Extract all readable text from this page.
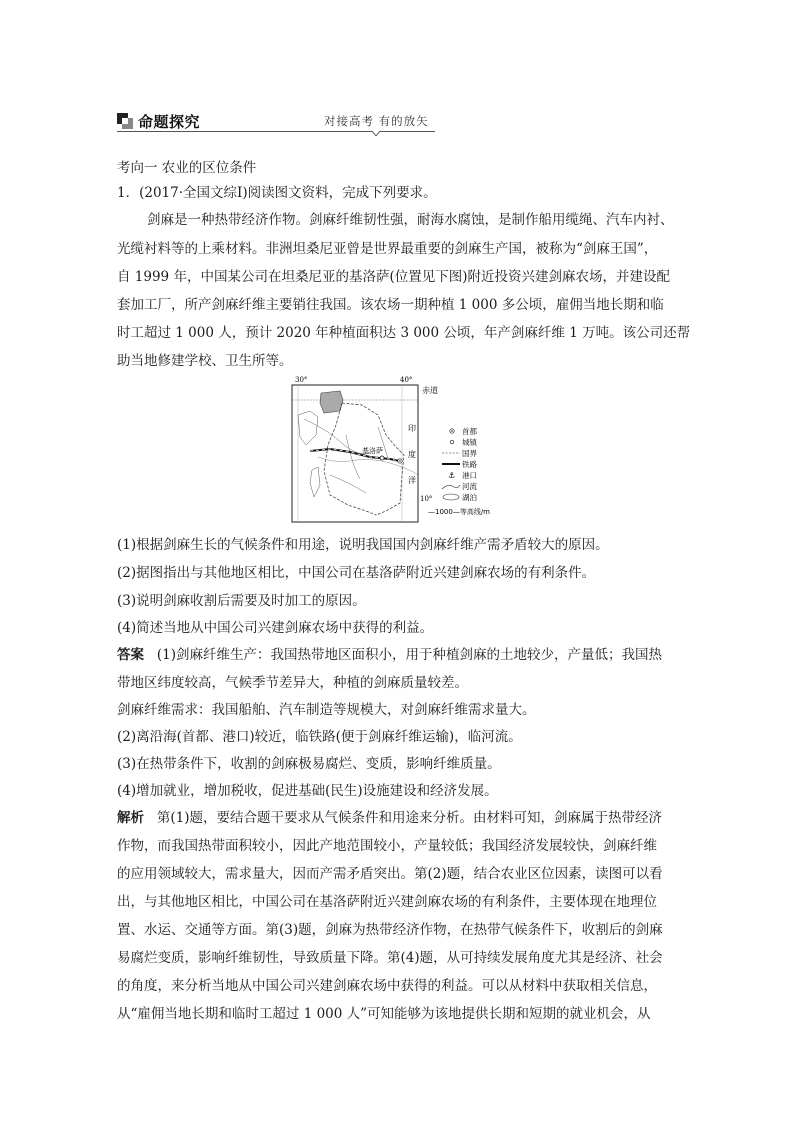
命题探究	对接高考 有的放矢
考向一 农业的区位条件
1．(2017·全国文综Ⅰ)阅读图文资料，完成下列要求。
剑麻是一种热带经济作物。剑麻纤维韧性强，耐海水腐蚀，是制作船用缆绳、汽车内衬、
光缆衬料等的上乘材料。非洲坦桑尼亚曾是世界最重要的剑麻生产国，被称为“剑麻王国”，
自 1999 年，中国某公司在坦桑尼亚的基洛萨(位置见下图)附近投资兴建剑麻农场，并建设配
套加工厂，所产剑麻纤维主要销往我国。该农场一期种植 1 000 多公顷，雇佣当地长期和临
时工超过 1 000 人，预计 2020 年种植面积达 3 000 公顷，年产剑麻纤维 1 万吨。该公司还帮
助当地修建学校、卫生所等。
30°	40°
赤道
基洛萨
印
度
洋
10°
首都
城镇
国界
铁路
⚓ 港口
河流
湖泊
—1000—等高线/m
(1)根据剑麻生长的气候条件和用途，说明我国国内剑麻纤维产需矛盾较大的原因。
(2)据图指出与其他地区相比，中国公司在基洛萨附近兴建剑麻农场的有利条件。
(3)说明剑麻收割后需要及时加工的原因。
(4)简述当地从中国公司兴建剑麻农场中获得的利益。
答案 (1)剑麻纤维生产：我国热带地区面积小，用于种植剑麻的土地较少，产量低；我国热
带地区纬度较高，气候季节差异大，种植的剑麻质量较差。
剑麻纤维需求：我国船舶、汽车制造等规模大，对剑麻纤维需求量大。
(2)离沿海(首都、港口)较近，临铁路(便于剑麻纤维运输)，临河流。
(3)在热带条件下，收割的剑麻极易腐烂、变质，影响纤维质量。
(4)增加就业，增加税收，促进基础(民生)设施建设和经济发展。
解析 第(1)题，要结合题干要求从气候条件和用途来分析。由材料可知，剑麻属于热带经济
作物，而我国热带面积较小，因此产地范围较小，产量较低；我国经济发展较快，剑麻纤维
的应用领域较大，需求量大，因而产需矛盾突出。第(2)题，结合农业区位因素，读图可以看
出，与其他地区相比，中国公司在基洛萨附近兴建剑麻农场的有利条件，主要体现在地理位
置、水运、交通等方面。第(3)题，剑麻为热带经济作物，在热带气候条件下，收割后的剑麻
易腐烂变质，影响纤维韧性，导致质量下降。第(4)题，从可持续发展角度尤其是经济、社会
的角度，来分析当地从中国公司兴建剑麻农场中获得的利益。可以从材料中获取相关信息，
从“雇佣当地长期和临时工超过 1 000 人”可知能够为该地提供长期和短期的就业机会，从
